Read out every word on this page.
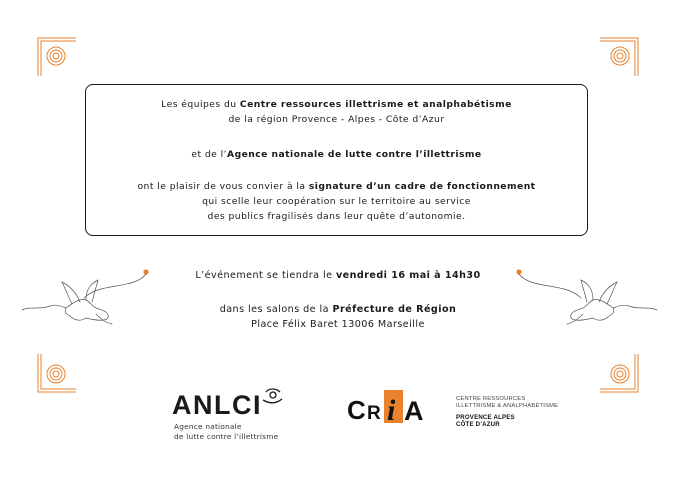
Les équipes du Centre ressources illettrisme et analphabétisme
de la région Provence - Alpes - Côte d’Azur
et de l’Agence nationale de lutte contre l’illettrisme
ont le plaisir de vous convier à la signature d’un cadre de fonctionnement
qui scelle leur coopération sur le territoire au service
des publics fragilisés dans leur quête d’autonomie.
L’événement se tiendra le vendredi 16 mai à 14h30
dans les salons de la Préfecture de Région
Place Félix Baret 13006 Marseille
ANLCI
Agence nationale
de lutte contre l’illettrisme
C R i A	CENTRE RESSOURCES
ILLETTRISME & ANALPHABÉTISME
PROVENCE ALPES
CÔTE D’AZUR
